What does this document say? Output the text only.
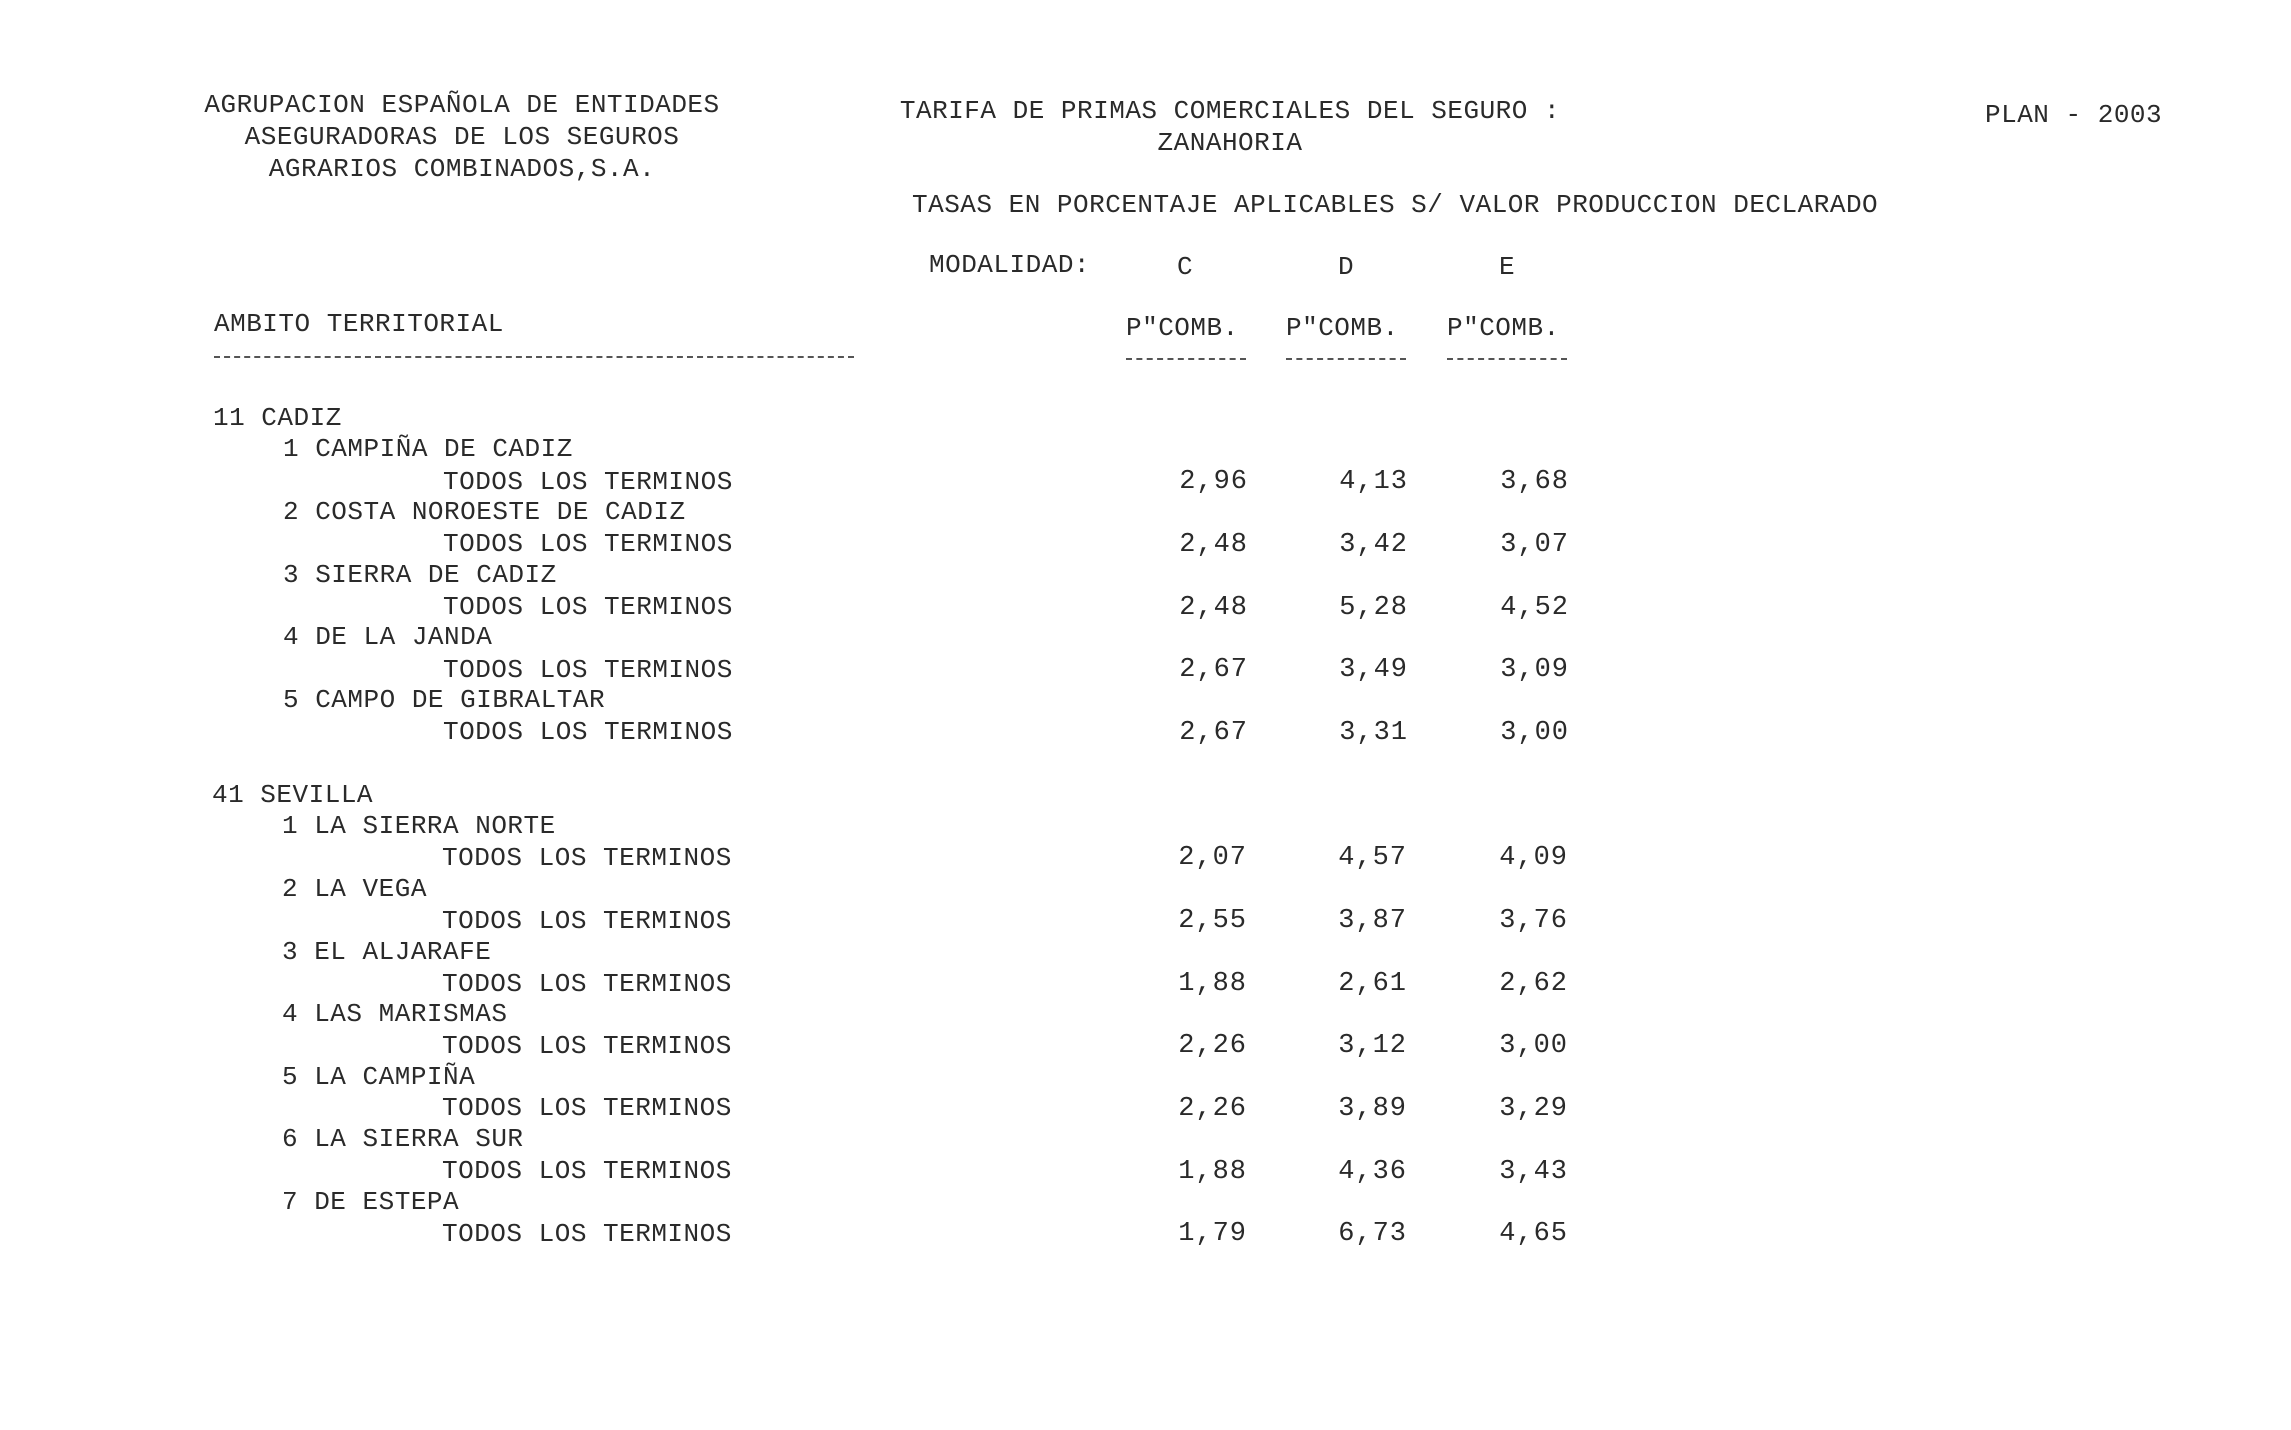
AGRUPACION ESPAÑOLA DE ENTIDADES
ASEGURADORAS DE LOS SEGUROS
AGRARIOS COMBINADOS,S.A.
TARIFA DE PRIMAS COMERCIALES DEL SEGURO :
ZANAHORIA
PLAN - 2003
TASAS EN PORCENTAJE APLICABLES S/ VALOR PRODUCCION DECLARADO
MODALIDAD:	C	D	E
AMBITO TERRITORIAL	P"COMB. P"COMB. P"COMB.
11 CADIZ
1 CAMPIÑA DE CADIZ
TODOS LOS TERMINOS	2,96	4,13	3,68
2 COSTA NOROESTE DE CADIZ
TODOS LOS TERMINOS	2,48	3,42	3,07
3 SIERRA DE CADIZ
TODOS LOS TERMINOS	2,48	5,28	4,52
4 DE LA JANDA
TODOS LOS TERMINOS	2,67	3,49	3,09
5 CAMPO DE GIBRALTAR
TODOS LOS TERMINOS	2,67	3,31	3,00
41 SEVILLA
1 LA SIERRA NORTE
TODOS LOS TERMINOS	2,07	4,57	4,09
2 LA VEGA
TODOS LOS TERMINOS	2,55	3,87	3,76
3 EL ALJARAFE
TODOS LOS TERMINOS	1,88	2,61	2,62
4 LAS MARISMAS
TODOS LOS TERMINOS	2,26	3,12	3,00
5 LA CAMPIÑA
TODOS LOS TERMINOS	2,26	3,89	3,29
6 LA SIERRA SUR
TODOS LOS TERMINOS	1,88	4,36	3,43
7 DE ESTEPA
TODOS LOS TERMINOS	1,79	6,73	4,65
